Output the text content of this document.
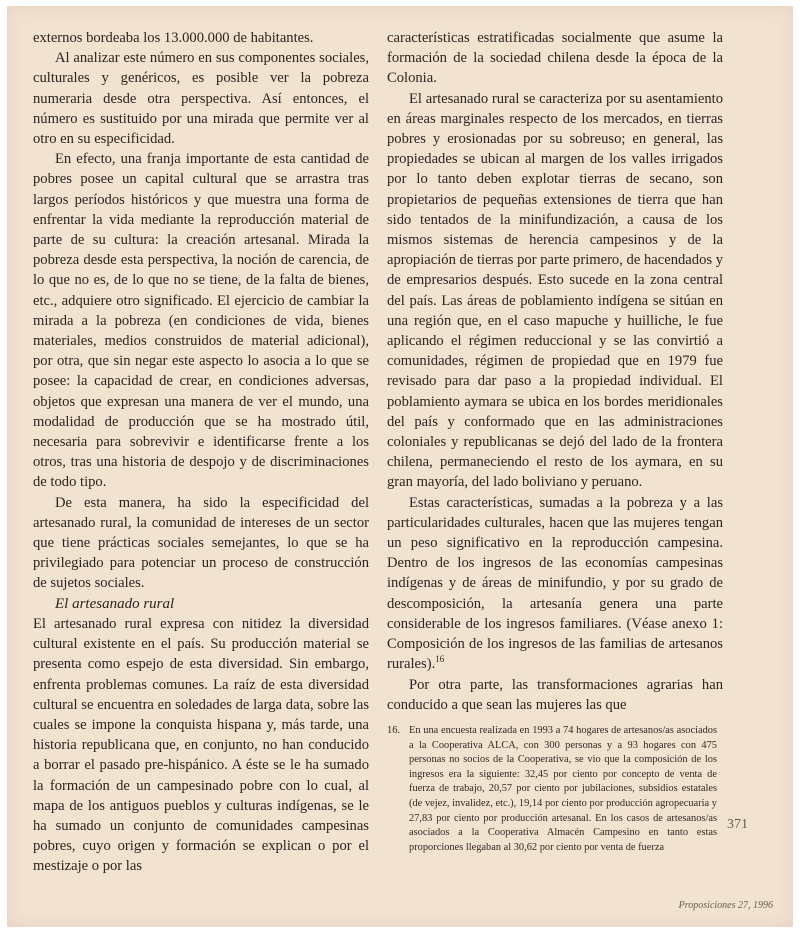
externos bordeaba los 13.000.000 de habitantes.

Al analizar este número en sus componentes sociales, culturales y genéricos, es posible ver la pobreza numeraria desde otra perspectiva. Así entonces, el número es sustituido por una mirada que permite ver al otro en su especificidad.

En efecto, una franja importante de esta cantidad de pobres posee un capital cultural que se arrastra tras largos períodos históricos y que muestra una forma de enfrentar la vida mediante la reproducción material de parte de su cultura: la creación artesanal. Mirada la pobreza desde esta perspectiva, la noción de carencia, de lo que no es, de lo que no se tiene, de la falta de bienes, etc., adquiere otro significado. El ejercicio de cambiar la mirada a la pobreza (en condiciones de vida, bienes materiales, medios construidos de material adicional), por otra, que sin negar este aspecto lo asocia a lo que se posee: la capacidad de crear, en condiciones adversas, objetos que expresan una manera de ver el mundo, una modalidad de producción que se ha mostrado útil, necesaria para sobrevivir e identificarse frente a los otros, tras una historia de despojo y de discriminaciones de todo tipo.

De esta manera, ha sido la especificidad del artesanado rural, la comunidad de intereses de un sector que tiene prácticas sociales semejantes, lo que se ha privilegiado para potenciar un proceso de construcción de sujetos sociales.

El artesanado rural

El artesanado rural expresa con nitidez la diversidad cultural existente en el país. Su producción material se presenta como espejo de esta diversidad. Sin embargo, enfrenta problemas comunes. La raíz de esta diversidad cultural se encuentra en soledades de larga data, sobre las cuales se impone la conquista hispana y, más tarde, una historia republicana que, en conjunto, no han conducido a borrar el pasado pre-hispánico. A éste se le ha sumado la formación de un campesinado pobre con lo cual, al mapa de los antiguos pueblos y culturas indígenas, se le ha sumado un conjunto de comunidades campesinas pobres, cuyo origen y formación se explican o por el mestizaje o por las

características estratificadas socialmente que asume la formación de la sociedad chilena desde la época de la Colonia.

El artesanado rural se caracteriza por su asentamiento en áreas marginales respecto de los mercados, en tierras pobres y erosionadas por su sobreuso; en general, las propiedades se ubican al margen de los valles irrigados por lo tanto deben explotar tierras de secano, son propietarios de pequeñas extensiones de tierra que han sido tentados de la minifundización, a causa de los mismos sistemas de herencia campesinos y de la apropiación de tierras por parte primero, de hacendados y de empresarios después. Esto sucede en la zona central del país. Las áreas de poblamiento indígena se sitúan en una región que, en el caso mapuche y huilliche, le fue aplicando el régimen reduccional y se las convirtió a comunidades, régimen de propiedad que en 1979 fue revisado para dar paso a la propiedad individual. El poblamiento aymara se ubica en los bordes meridionales del país y conformado que en las administraciones coloniales y republicanas se dejó del lado de la frontera chilena, permaneciendo el resto de los aymara, en su gran mayoría, del lado boliviano y peruano.

Estas características, sumadas a la pobreza y a las particularidades culturales, hacen que las mujeres tengan un peso significativo en la reproducción campesina. Dentro de los ingresos de las economías campesinas indígenas y de áreas de minifundio, y por su grado de descomposición, la artesanía genera una parte considerable de los ingresos familiares. (Véase anexo 1: Composición de los ingresos de las familias de artesanos rurales).$^{16}$

Por otra parte, las transformaciones agrarias han conducido a que sean las mujeres las que

16. En una encuesta realizada en 1993 a 74 hogares de artesanos/as asociados a la Cooperativa ALCA, con 300 personas y a 93 hogares con 475 personas no socios de la Cooperativa, se vio que la composición de los ingresos era la siguiente: 32,45 por ciento por concepto de venta de fuerza de trabajo, 20,57 por ciento por jubilaciones, subsidios estatales (de vejez, invalidez, etc.), 19,14 por ciento por producción agropecuaria y 27,83 por ciento por producción artesanal. En los casos de artesanos/as asociados a la Cooperativa Almacén Campesino en tanto estas proporciones llegaban al 30,62 por ciento por venta de fuerza

371
Proposiciones 27, 1996
